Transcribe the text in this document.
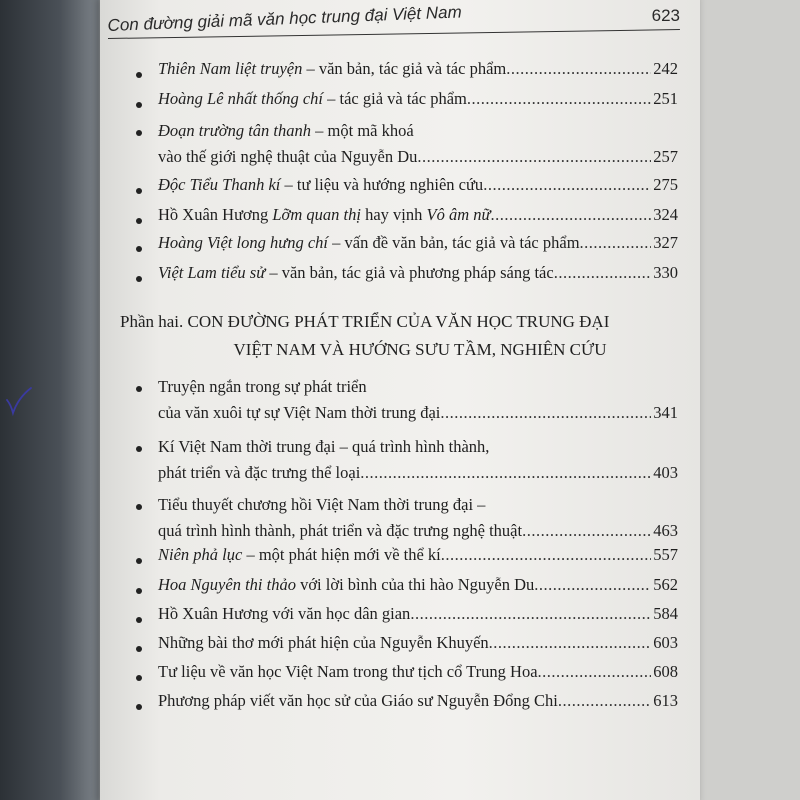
Con đường giải mã văn học trung đại Việt Nam	623
Phần hai. CON ĐƯỜNG PHÁT TRIỂN CỦA VĂN HỌC TRUNG ĐẠI
VIỆT NAM VÀ HƯỚNG SƯU TẦM, NGHIÊN CỨU
Thiên Nam liệt truyện – văn bản, tác giả và tác phẩm .....	242
Hoàng Lê nhất thống chí – tác giả và tác phẩm .....	251
Đoạn trường tân thanh – một mã khoá
vào thế giới nghệ thuật của Nguyễn Du .....	257
Độc Tiểu Thanh kí – tư liệu và hướng nghiên cứu .....	275
Hồ Xuân Hương Lỡm quan thị hay vịnh Vô âm nữ .....	324
Hoàng Việt long hưng chí – vấn đề văn bản, tác giả và tác phẩm .....	327
Việt Lam tiểu sử – văn bản, tác giả và phương pháp sáng tác .....	330
Truyện ngắn trong sự phát triển
của văn xuôi tự sự Việt Nam thời trung đại .....	341
Kí Việt Nam thời trung đại – quá trình hình thành,
phát triển và đặc trưng thể loại .....	403
Tiểu thuyết chương hồi Việt Nam thời trung đại –
quá trình hình thành, phát triển và đặc trưng nghệ thuật .....	463
Niên phả lục – một phát hiện mới về thể kí .....	557
Hoa Nguyên thi thảo với lời bình của thi hào Nguyễn Du .....	562
Hồ Xuân Hương với văn học dân gian .....	584
Những bài thơ mới phát hiện của Nguyễn Khuyến .....	603
Tư liệu về văn học Việt Nam trong thư tịch cổ Trung Hoa .....	608
Phương pháp viết văn học sử của Giáo sư Nguyễn Đổng Chi .....	613
